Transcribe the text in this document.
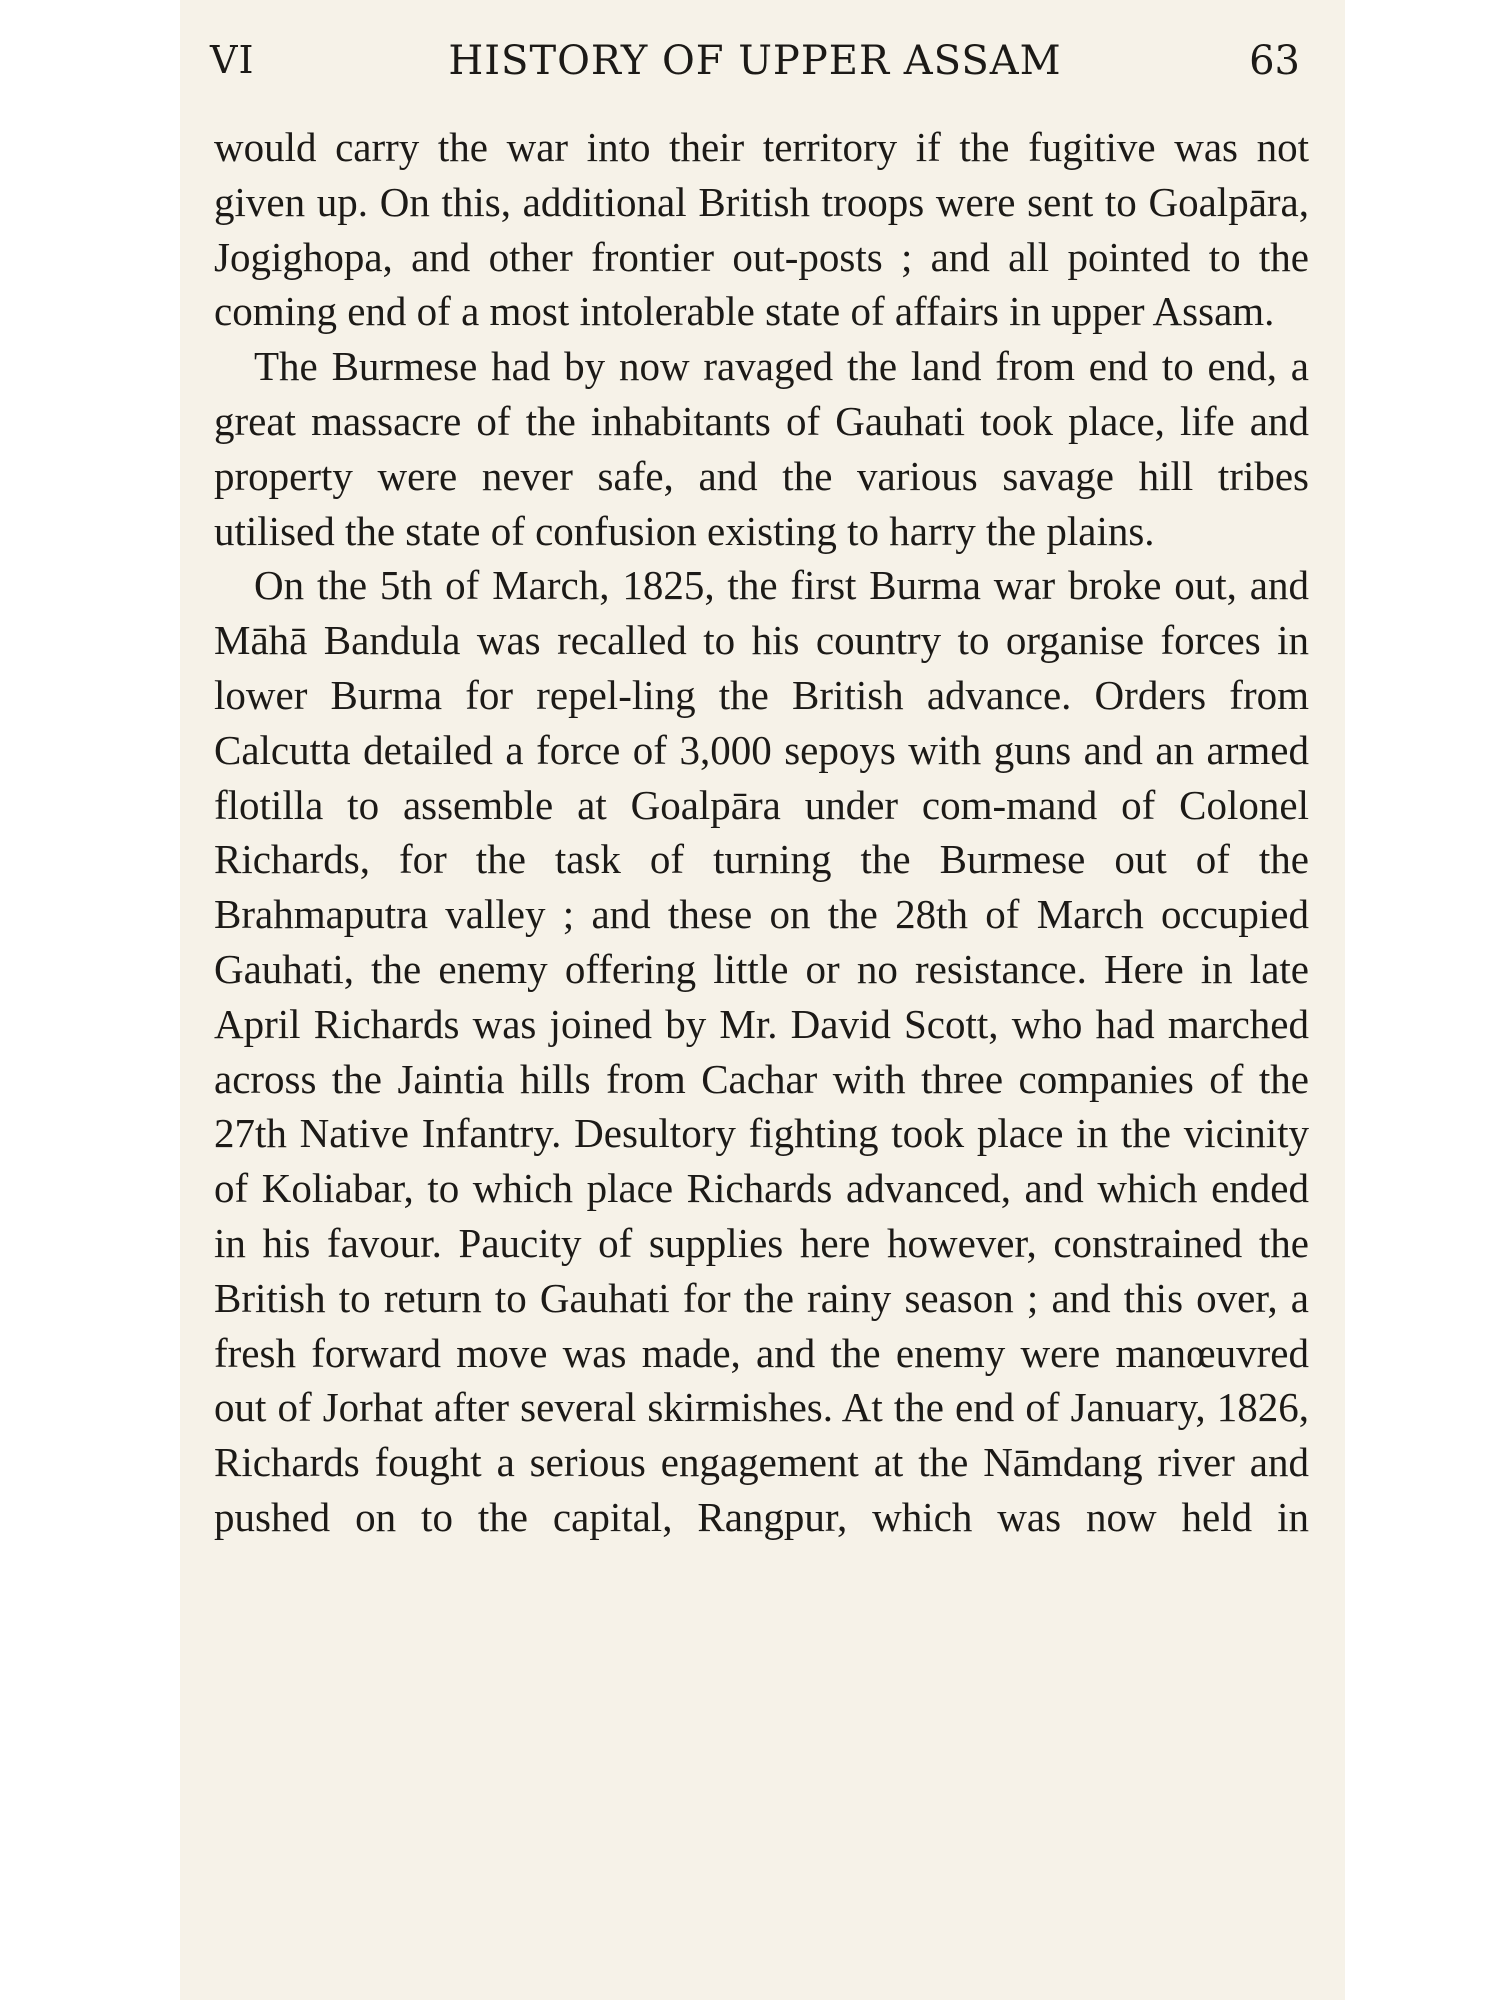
VI	HISTORY OF UPPER ASSAM	63

would carry the war into their territory if the fugitive was not given up. On this, additional British troops were sent to Goalpāra, Jogighopa, and other frontier out-posts ; and all pointed to the coming end of a most intolerable state of affairs in upper Assam.

The Burmese had by now ravaged the land from end to end, a great massacre of the inhabitants of Gauhati took place, life and property were never safe, and the various savage hill tribes utilised the state of confusion existing to harry the plains.

On the 5th of March, 1825, the first Burma war broke out, and Māhā Bandula was recalled to his country to organise forces in lower Burma for repel-ling the British advance. Orders from Calcutta detailed a force of 3,000 sepoys with guns and an armed flotilla to assemble at Goalpāra under com-mand of Colonel Richards, for the task of turning the Burmese out of the Brahmaputra valley ; and these on the 28th of March occupied Gauhati, the enemy offering little or no resistance. Here in late April Richards was joined by Mr. David Scott, who had marched across the Jaintia hills from Cachar with three companies of the 27th Native Infantry. Desultory fighting took place in the vicinity of Koliabar, to which place Richards advanced, and which ended in his favour. Paucity of supplies here however, constrained the British to return to Gauhati for the rainy season ; and this over, a fresh forward move was made, and the enemy were manœuvred out of Jorhat after several skirmishes. At the end of January, 1826, Richards fought a serious engagement at the Nāmdang river and pushed on to the capital, Rangpur, which was now held in
